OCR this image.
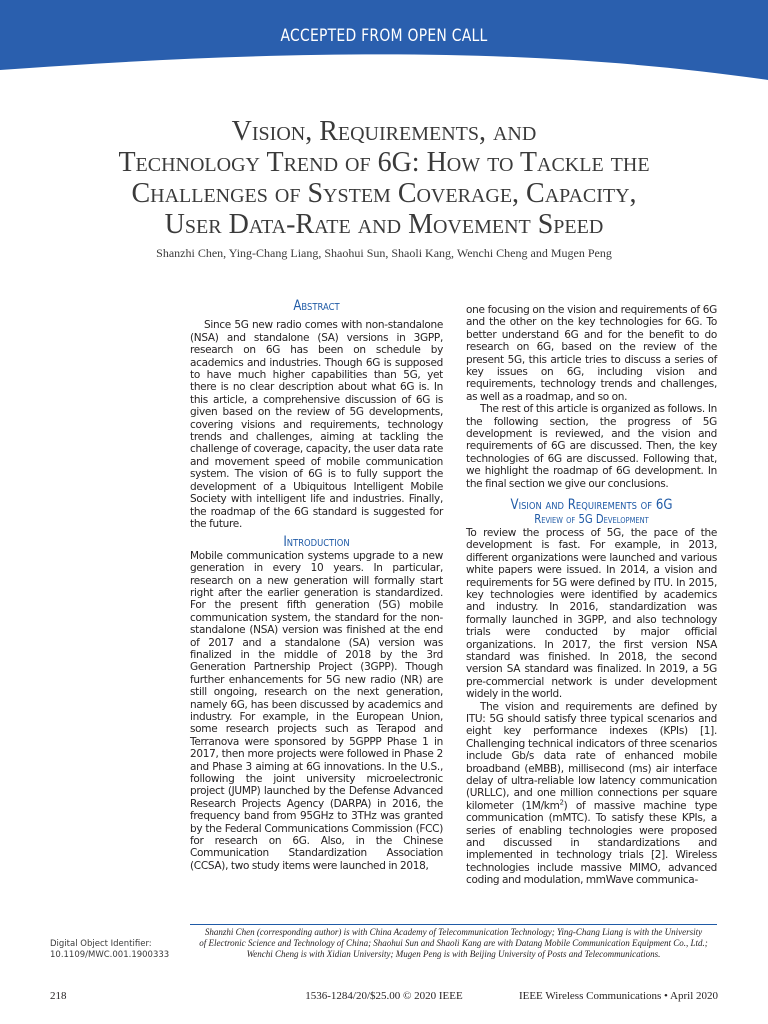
ACCEPTED FROM OPEN CALL
Vision, Requirements, and
Technology Trend of 6G: How to Tackle the
Challenges of System Coverage, Capacity,
User Data-Rate and Movement Speed
Shanzhi Chen, Ying-Chang Liang, Shaohui Sun, Shaoli Kang, Wenchi Cheng and Mugen Peng
Abstract

Since 5G new radio comes with non-standalone (NSA) and standalone (SA) versions in 3GPP, research on 6G has been on schedule by academics and industries. Though 6G is supposed to have much higher capabilities than 5G, yet there is no clear description about what 6G is. In this article, a comprehensive discussion of 6G is given based on the review of 5G developments, covering visions and requirements, technology trends and challenges, aiming at tackling the challenge of coverage, capacity, the user data rate and movement speed of mobile communication system. The vision of 6G is to fully support the development of a Ubiquitous Intelligent Mobile Society with intelligent life and industries. Finally, the roadmap of the 6G standard is suggested for the future.

Introduction

Mobile communication systems upgrade to a new generation in every 10 years. In particular, research on a new generation will formally start right after the earlier generation is standardized. For the present fifth generation (5G) mobile communication system, the standard for the non-standalone (NSA) version was finished at the end of 2017 and a standalone (SA) version was finalized in the middle of 2018 by the 3rd Generation Partnership Project (3GPP). Though further enhancements for 5G new radio (NR) are still ongoing, research on the next generation, namely 6G, has been discussed by academics and industry. For example, in the European Union, some research projects such as Terapod and Terranova were sponsored by 5GPPP Phase 1 in 2017, then more projects were followed in Phase 2 and Phase 3 aiming at 6G innovations. In the U.S., following the joint university microelectronic project (JUMP) launched by the Defense Advanced Research Projects Agency (DARPA) in 2016, the frequency band from 95GHz to 3THz was granted by the Federal Communications Commission (FCC) for research on 6G. Also, in the Chinese Communication Standardization Association (CCSA), two study items were launched in 2018,

one focusing on the vision and requirements of 6G and the other on the key technologies for 6G. To better understand 6G and for the benefit to do research on 6G, based on the review of the present 5G, this article tries to discuss a series of key issues on 6G, including vision and requirements, technology trends and challenges, as well as a roadmap, and so on.

The rest of this article is organized as follows. In the following section, the progress of 5G development is reviewed, and the vision and requirements of 6G are discussed. Then, the key technologies of 6G are discussed. Following that, we highlight the roadmap of 6G development. In the final section we give our conclusions.

Vision and Requirements of 6G
Review of 5G Development

To review the process of 5G, the pace of the development is fast. For example, in 2013, different organizations were launched and various white papers were issued. In 2014, a vision and requirements for 5G were defined by ITU. In 2015, key technologies were identified by academics and industry. In 2016, standardization was formally launched in 3GPP, and also technology trials were conducted by major official organizations. In 2017, the first version NSA standard was finished. In 2018, the second version SA standard was finalized. In 2019, a 5G pre-commercial network is under development widely in the world.

The vision and requirements are defined by ITU: 5G should satisfy three typical scenarios and eight key performance indexes (KPIs) [1]. Challenging technical indicators of three scenarios include Gb/s data rate of enhanced mobile broadband (eMBB), millisecond (ms) air interface delay of ultra-reliable low latency communication (URLLC), and one million connections per square kilometer $(1M/km^2)$ of massive machine type communication (mMTC). To satisfy these KPIs, a series of enabling technologies were proposed and discussed in standardizations and implemented in technology trials [2]. Wireless technologies include massive MIMO, advanced coding and modulation, mmWave communica-

Shanzhi Chen (corresponding author) is with China Academy of Telecommunication Technology; Ying-Chang Liang is with the University
of Electronic Science and Technology of China; Shaohui Sun and Shaoli Kang are with Datang Mobile Communication Equipment Co., Ltd.;
Wenchi Cheng is with Xidian University; Mugen Peng is with Beijing University of Posts and Telecommunications.
Digital Object Identifier:
10.1109/MWC.001.1900333
218	1536-1284/20/$25.00 © 2020 IEEE	IEEE Wireless Communications • April 2020
